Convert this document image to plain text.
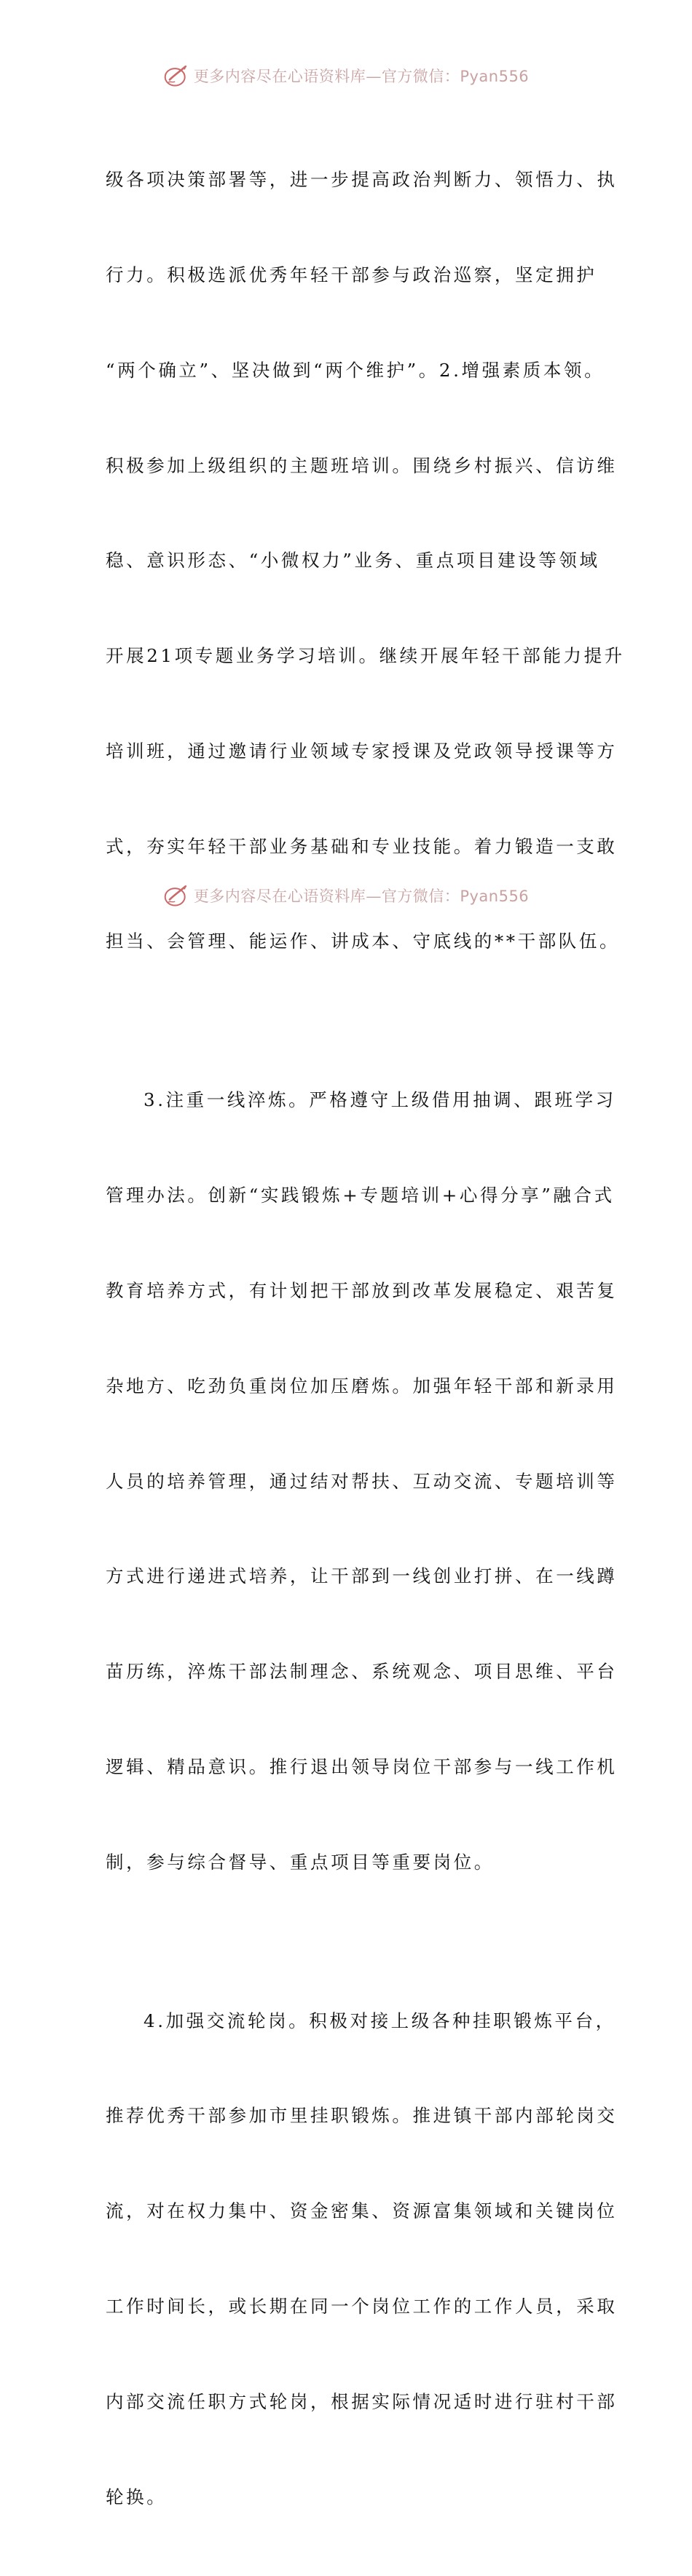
更多内容尽在心语资料库—官方微信：Pyan556

级各项决策部署等，进一步提高政治判断力、领悟力、执

行力。积极选派优秀年轻干部参与政治巡察，坚定拥护

“两个确立”、坚决做到“两个维护”。2.增强素质本领。

积极参加上级组织的主题班培训。围绕乡村振兴、信访维

稳、意识形态、“小微权力”业务、重点项目建设等领域

开展21项专题业务学习培训。继续开展年轻干部能力提升

培训班，通过邀请行业领域专家授课及党政领导授课等方

式，夯实年轻干部业务基础和专业技能。着力锻造一支敢

担当、会管理、能运作、讲成本、守底线的**干部队伍。

3.注重一线淬炼。严格遵守上级借用抽调、跟班学习

管理办法。创新“实践锻炼+专题培训+心得分享”融合式

教育培养方式，有计划把干部放到改革发展稳定、艰苦复

杂地方、吃劲负重岗位加压磨炼。加强年轻干部和新录用

人员的培养管理，通过结对帮扶、互动交流、专题培训等

方式进行递进式培养，让干部到一线创业打拼、在一线蹲

苗历练，淬炼干部法制理念、系统观念、项目思维、平台

逻辑、精品意识。推行退出领导岗位干部参与一线工作机

制，参与综合督导、重点项目等重要岗位。

4.加强交流轮岗。积极对接上级各种挂职锻炼平台，

推荐优秀干部参加市里挂职锻炼。推进镇干部内部轮岗交

流，对在权力集中、资金密集、资源富集领域和关键岗位

工作时间长，或长期在同一个岗位工作的工作人员，采取

内部交流任职方式轮岗，根据实际情况适时进行驻村干部

轮换。

更多内容尽在心语资料库—官方微信：Pyan556
